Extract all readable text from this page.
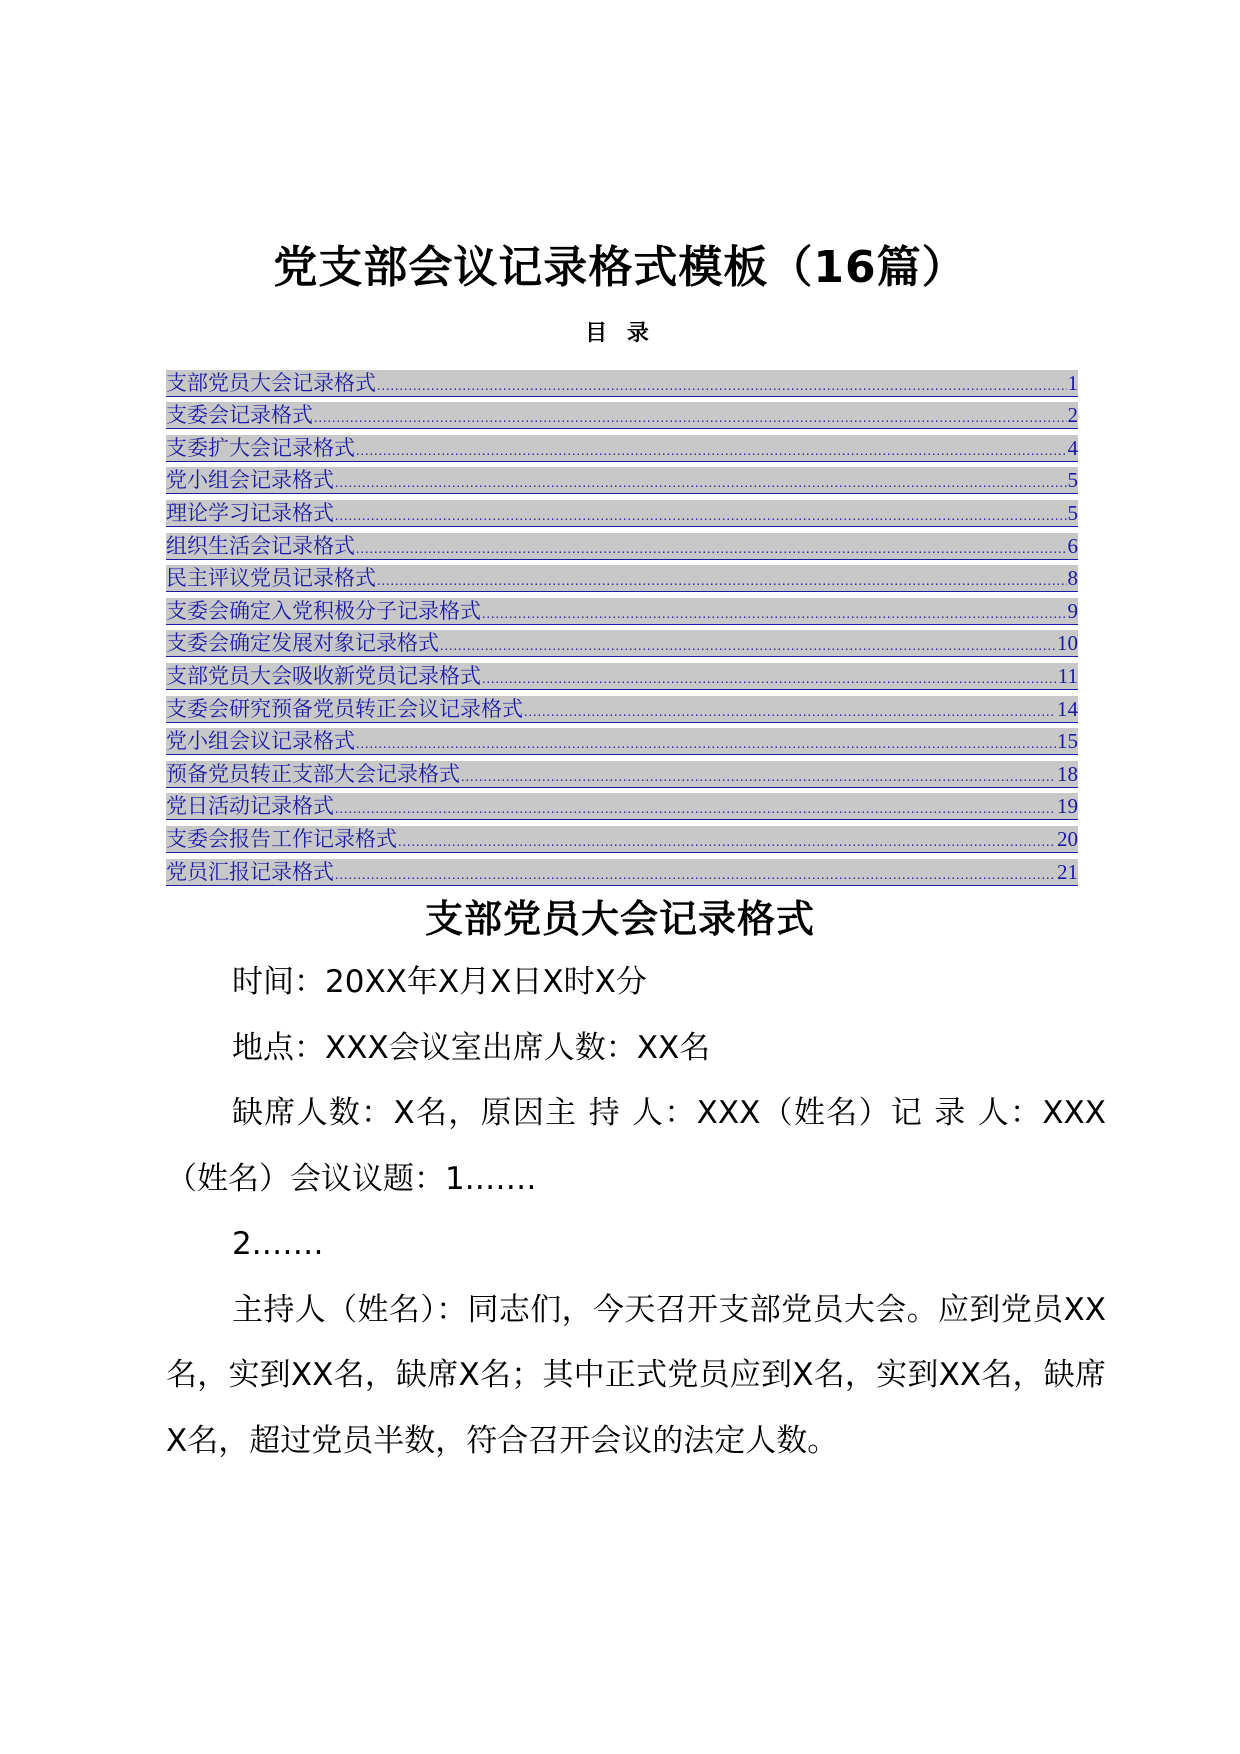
党支部会议记录格式模板（16篇）
目 录
支部党员大会记录格式 .....	1
支委会记录格式 .....	2
支委扩大会记录格式 .....	4
党小组会记录格式 .....	5
理论学习记录格式 .....	5
组织生活会记录格式 .....	6
民主评议党员记录格式 .....	8
支委会确定入党积极分子记录格式 .....	9
支委会确定发展对象记录格式 .....	10
支部党员大会吸收新党员记录格式 .....	11
支委会研究预备党员转正会议记录格式 .....	14
党小组会议记录格式 .....	15
预备党员转正支部大会记录格式 .....	18
党日活动记录格式 .....	19
支委会报告工作记录格式 .....	20
党员汇报记录格式 .....	21
支部党员大会记录格式

时间：20XX年X月X日X时X分

地点：XXX会议室出席人数：XX名

缺席人数：X名，原因主 持 人：XXX（姓名）记 录 人：XXX（姓名）会议议题：1.……

2.……

主持人（姓名）：同志们，今天召开支部党员大会。应到党员XX名，实到XX名，缺席X名；其中正式党员应到X名，实到XX名，缺席X名，超过党员半数，符合召开会议的法定人数。
